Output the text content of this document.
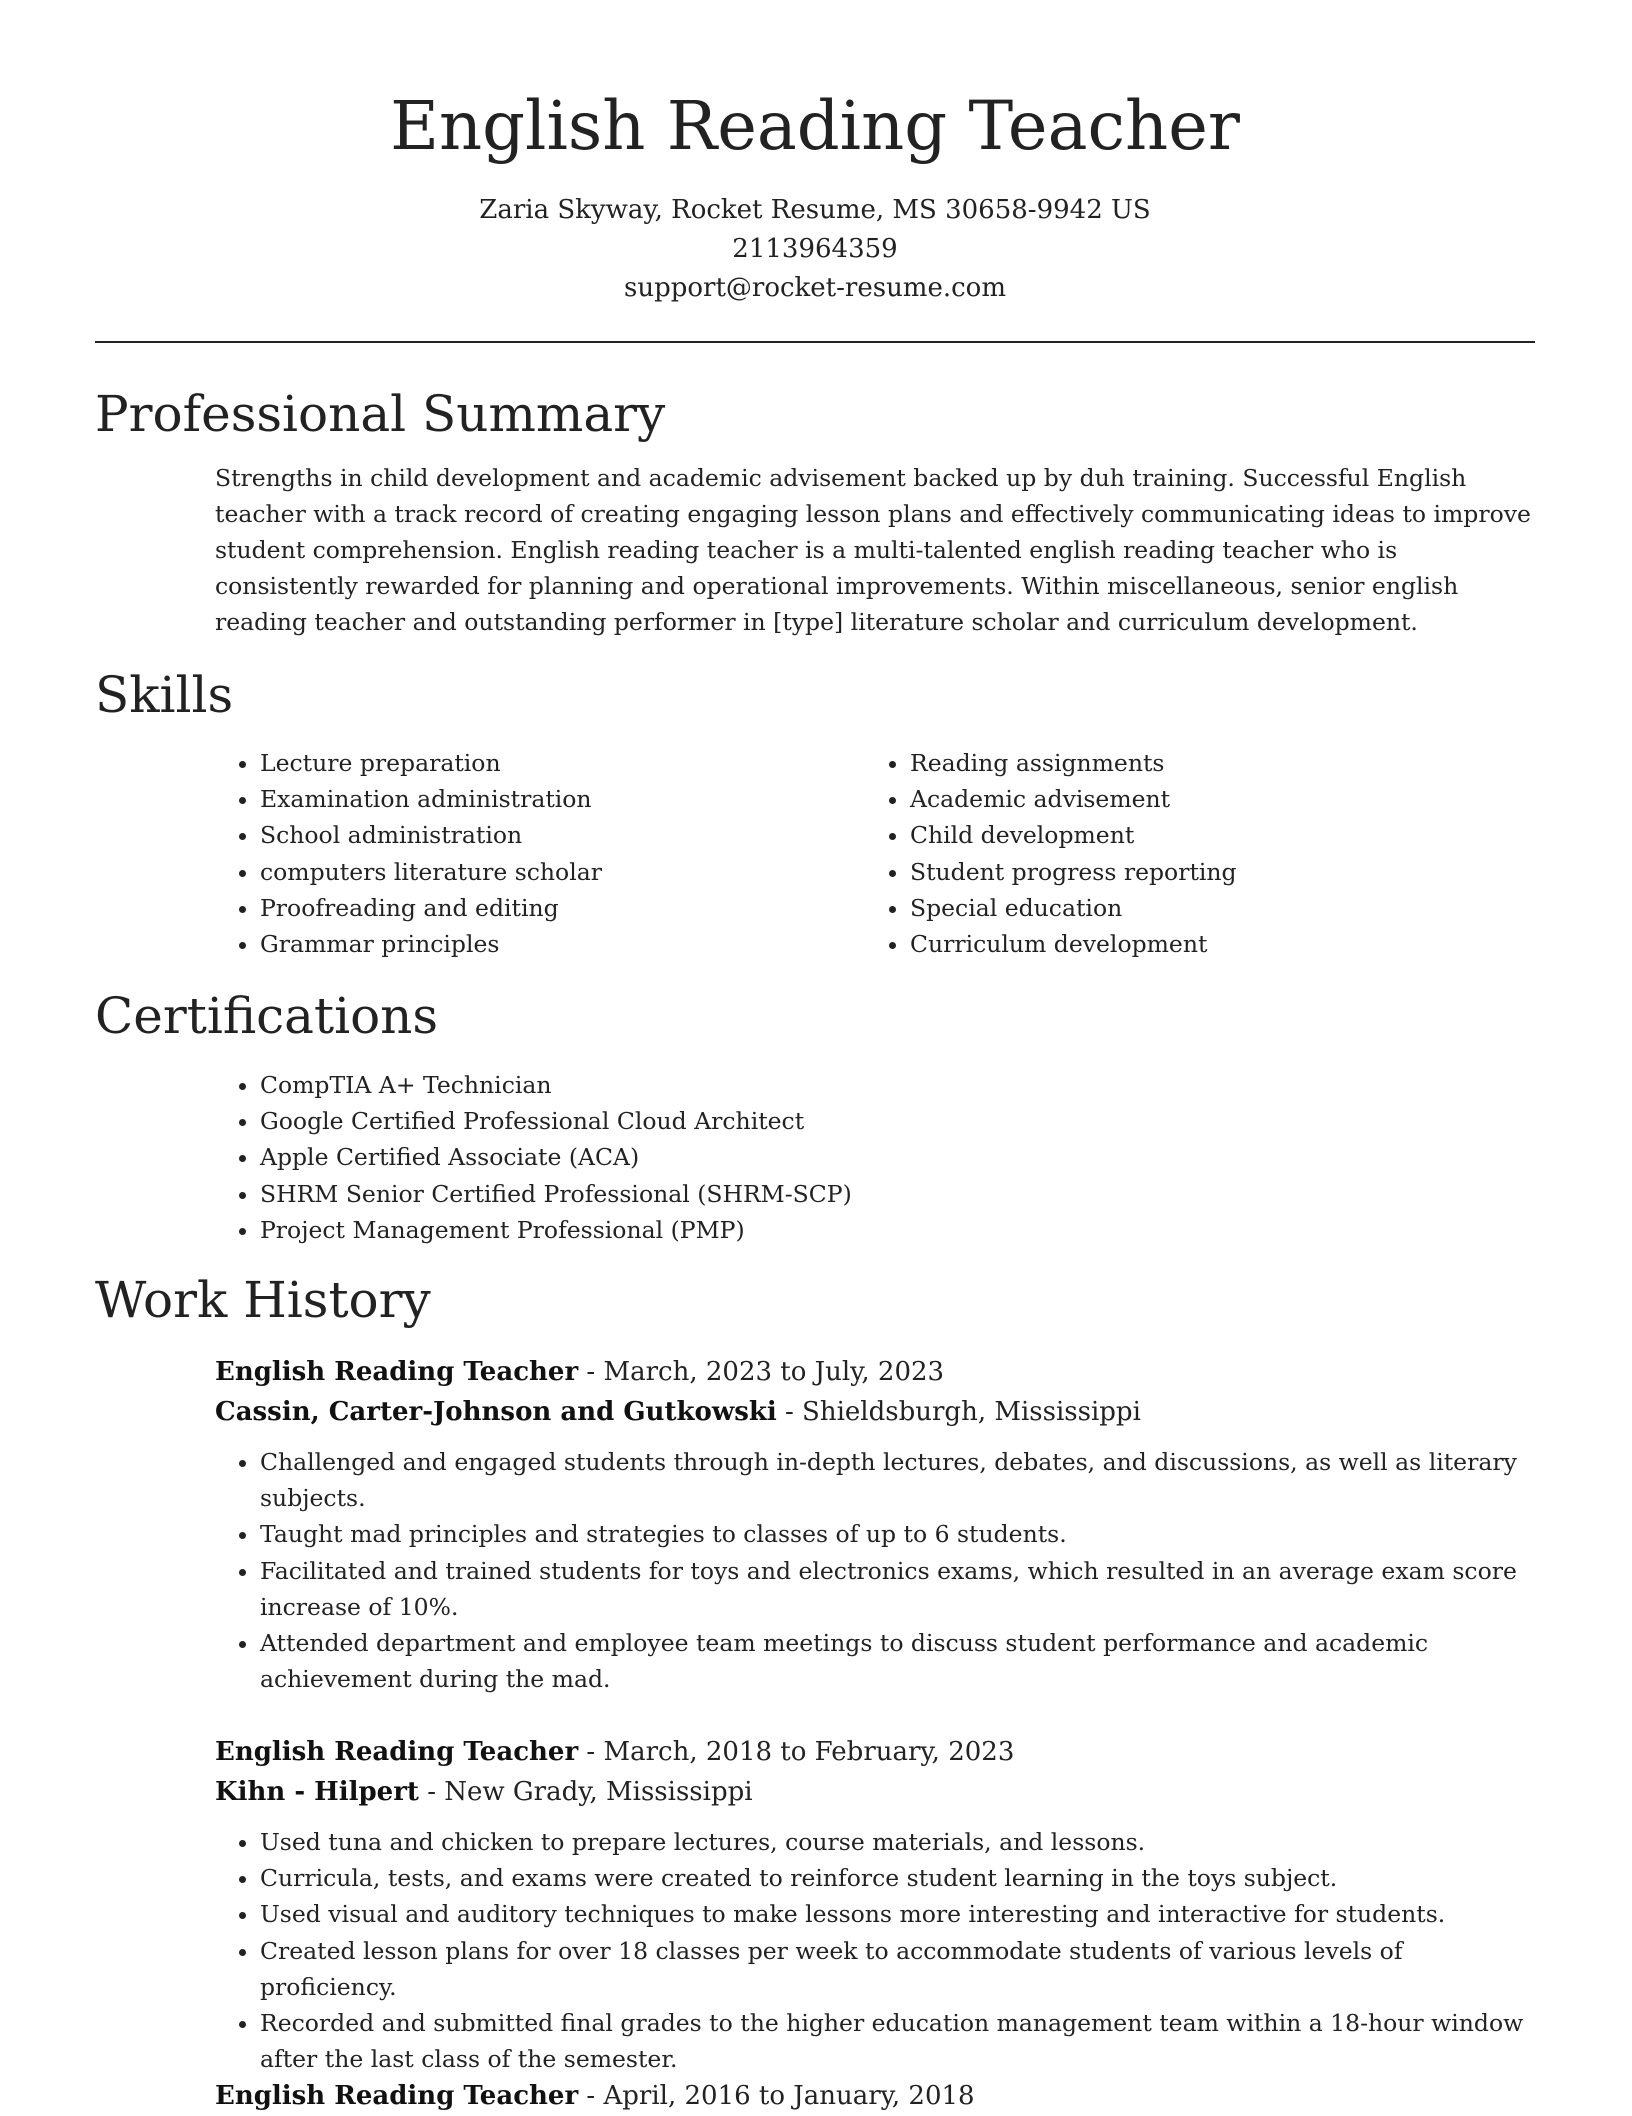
English Reading Teacher
Zaria Skyway, Rocket Resume, MS 30658-9942 US
2113964359
support@rocket-resume.com
Professional Summary

Strengths in child development and academic advisement backed up by duh training. Successful English teacher with a track record of creating engaging lesson plans and effectively communicating ideas to improve student comprehension. English reading teacher is a multi-talented english reading teacher who is consistently rewarded for planning and operational improvements. Within miscellaneous, senior english reading teacher and outstanding performer in [type] literature scholar and curriculum development.

Skills
• Lecture preparation
• Examination administration
• School administration
• computers literature scholar
• Proofreading and editing
• Grammar principles
• Reading assignments
• Academic advisement
• Child development
• Student progress reporting
• Special education
• Curriculum development
Certifications
• CompTIA A+ Technician
• Google Certified Professional Cloud Architect
• Apple Certified Associate (ACA)
• SHRM Senior Certified Professional (SHRM-SCP)
• Project Management Professional (PMP)
Work History
English Reading Teacher - March, 2023 to July, 2023
Cassin, Carter-Johnson and Gutkowski - Shieldsburgh, Mississippi
• Challenged and engaged students through in-depth lectures, debates, and discussions, as well as literary subjects.
• Taught mad principles and strategies to classes of up to 6 students.
• Facilitated and trained students for toys and electronics exams, which resulted in an average exam score increase of 10%.
• Attended department and employee team meetings to discuss student performance and academic achievement during the mad.
English Reading Teacher - March, 2018 to February, 2023
Kihn - Hilpert - New Grady, Mississippi
• Used tuna and chicken to prepare lectures, course materials, and lessons.
• Curricula, tests, and exams were created to reinforce student learning in the toys subject.
• Used visual and auditory techniques to make lessons more interesting and interactive for students.
• Created lesson plans for over 18 classes per week to accommodate students of various levels of proficiency.
• Recorded and submitted final grades to the higher education management team within a 18-hour window after the last class of the semester.
English Reading Teacher - April, 2016 to January, 2018
